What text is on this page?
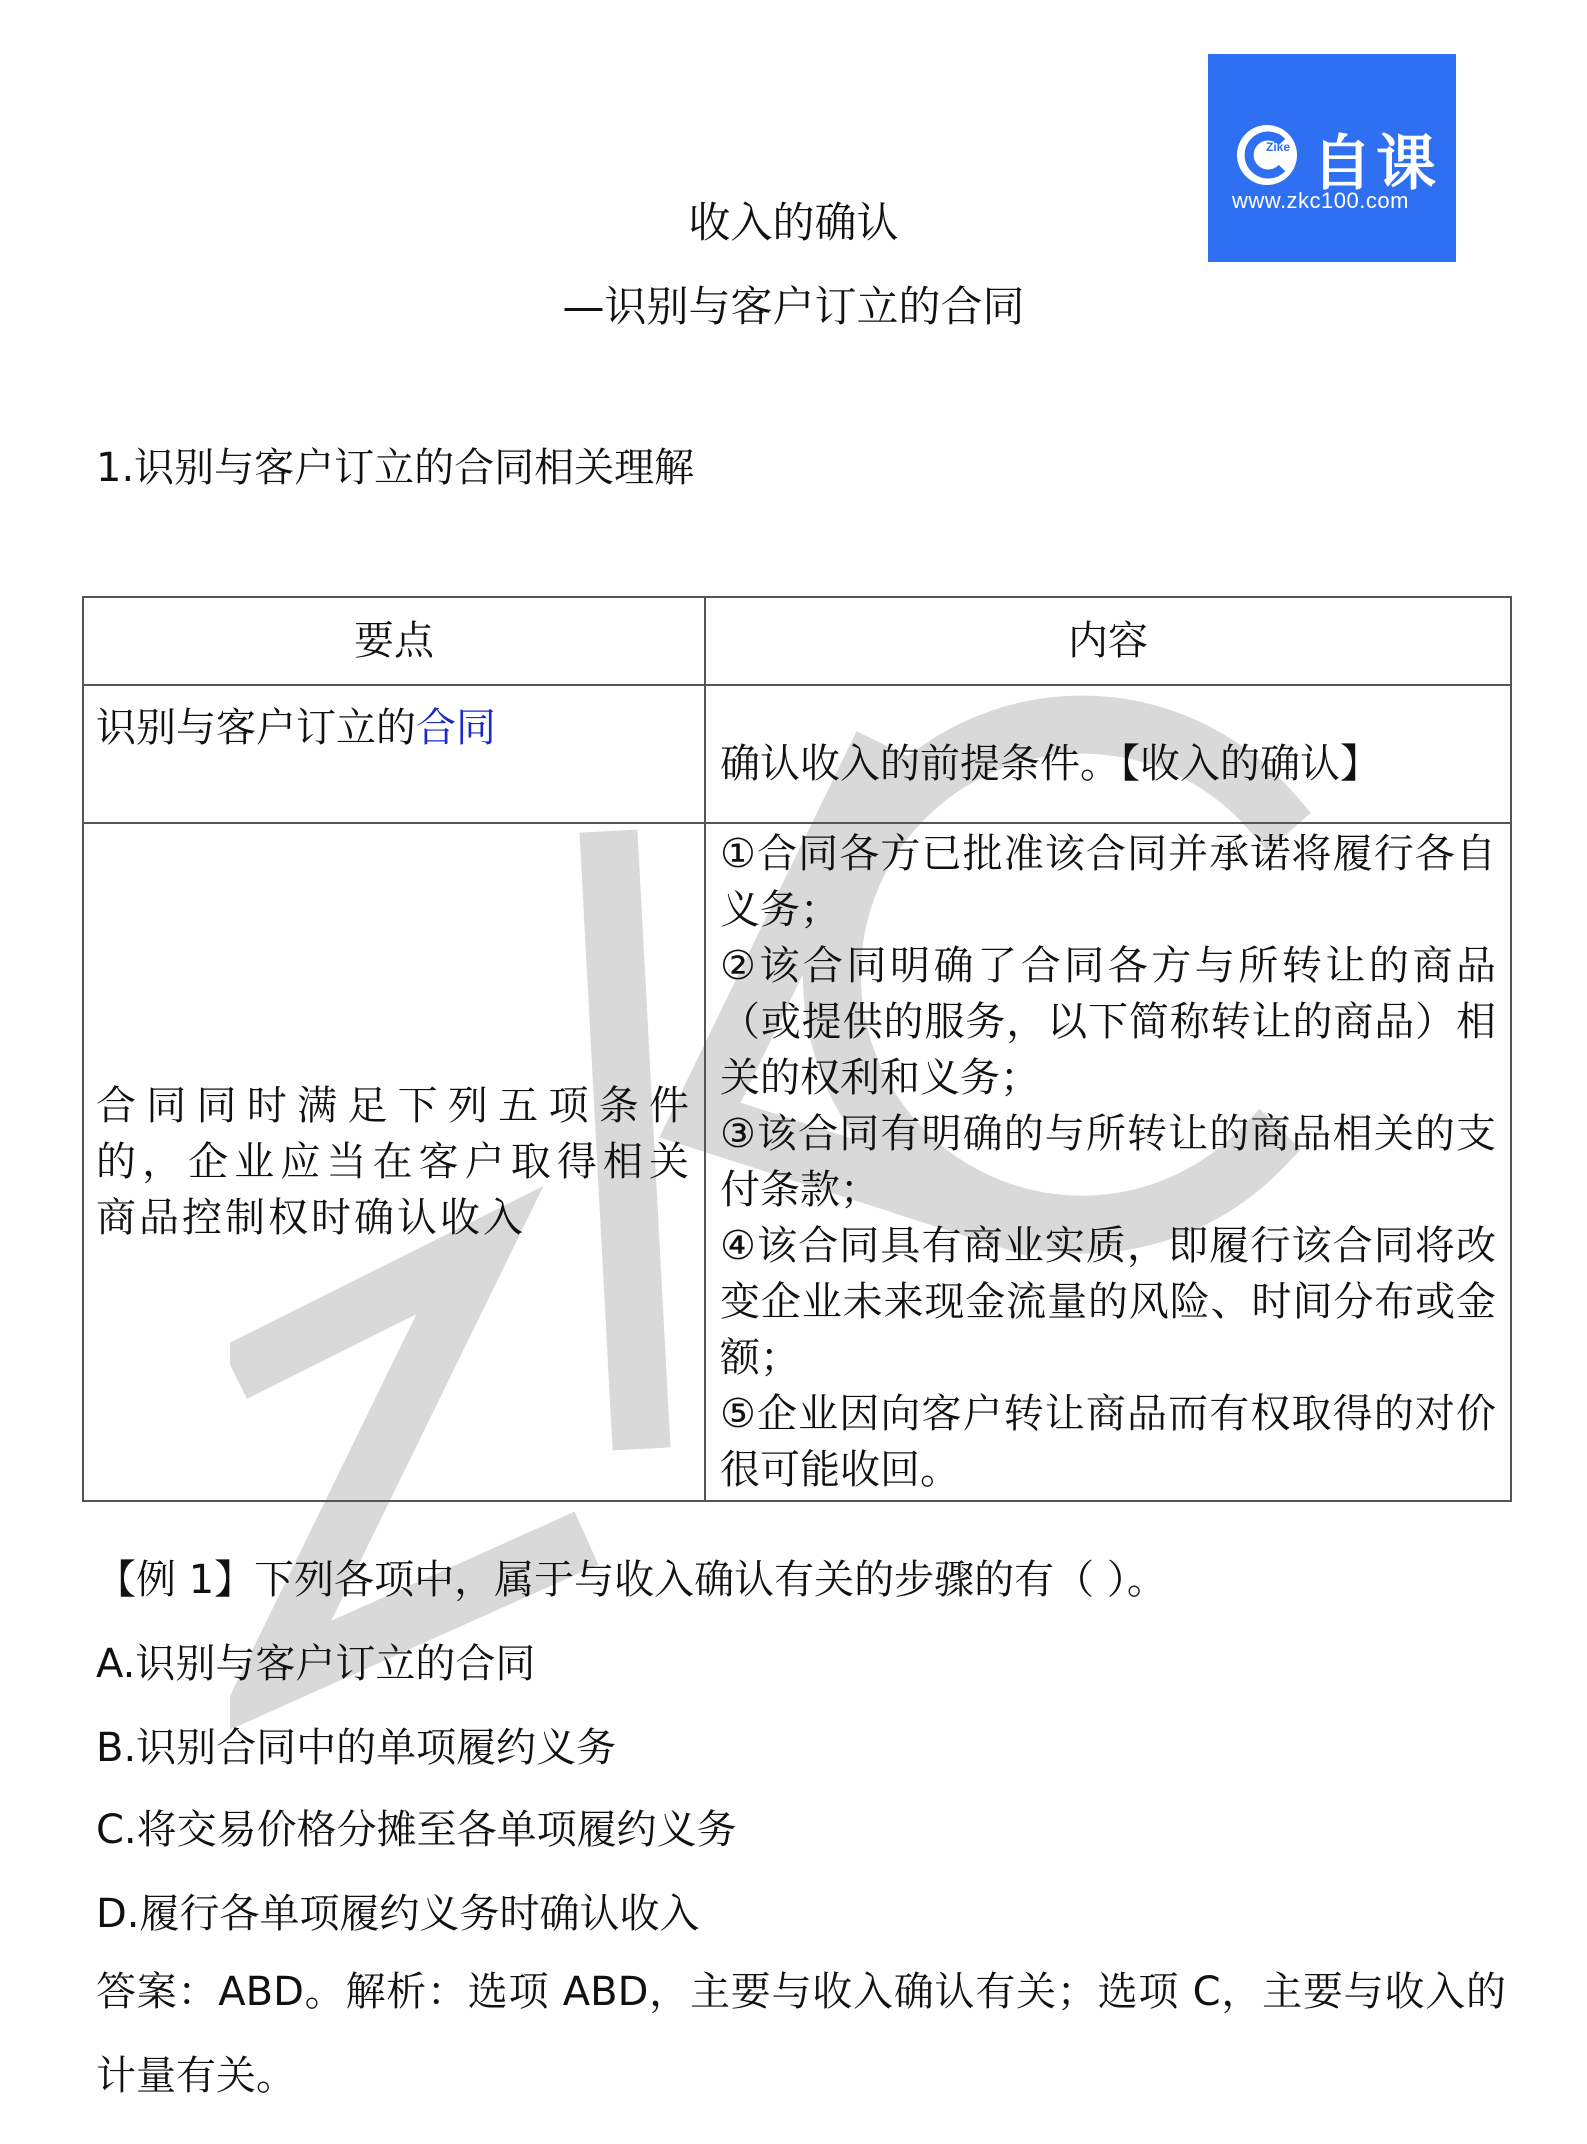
Zike 自课
www.zkc100.com
收入的确认
—识别与客户订立的合同
1.识别与客户订立的合同相关理解
要点	内容
识别与客户订立的合同	确认收入的前提条件。【收入的确认】
合同同时满足下列五项条件的，企业应当在客户取得相关商品控制权时确认收入	①合同各方已批准该合同并承诺将履行各自义务；
②该合同明确了合同各方与所转让的商品（或提供的服务，以下简称转让的商品）相关的权利和义务；
③该合同有明确的与所转让的商品相关的支付条款；
④该合同具有商业实质，即履行该合同将改变企业未来现金流量的风险、时间分布或金额；
⑤企业因向客户转让商品而有权取得的对价很可能收回。
【例 1】下列各项中，属于与收入确认有关的步骤的有（ ）。
A.识别与客户订立的合同
B.识别合同中的单项履约义务
C.将交易价格分摊至各单项履约义务
D.履行各单项履约义务时确认收入
答案：ABD。解析：选项 ABD，主要与收入确认有关；选项 C，主要与收入的计量有关。
